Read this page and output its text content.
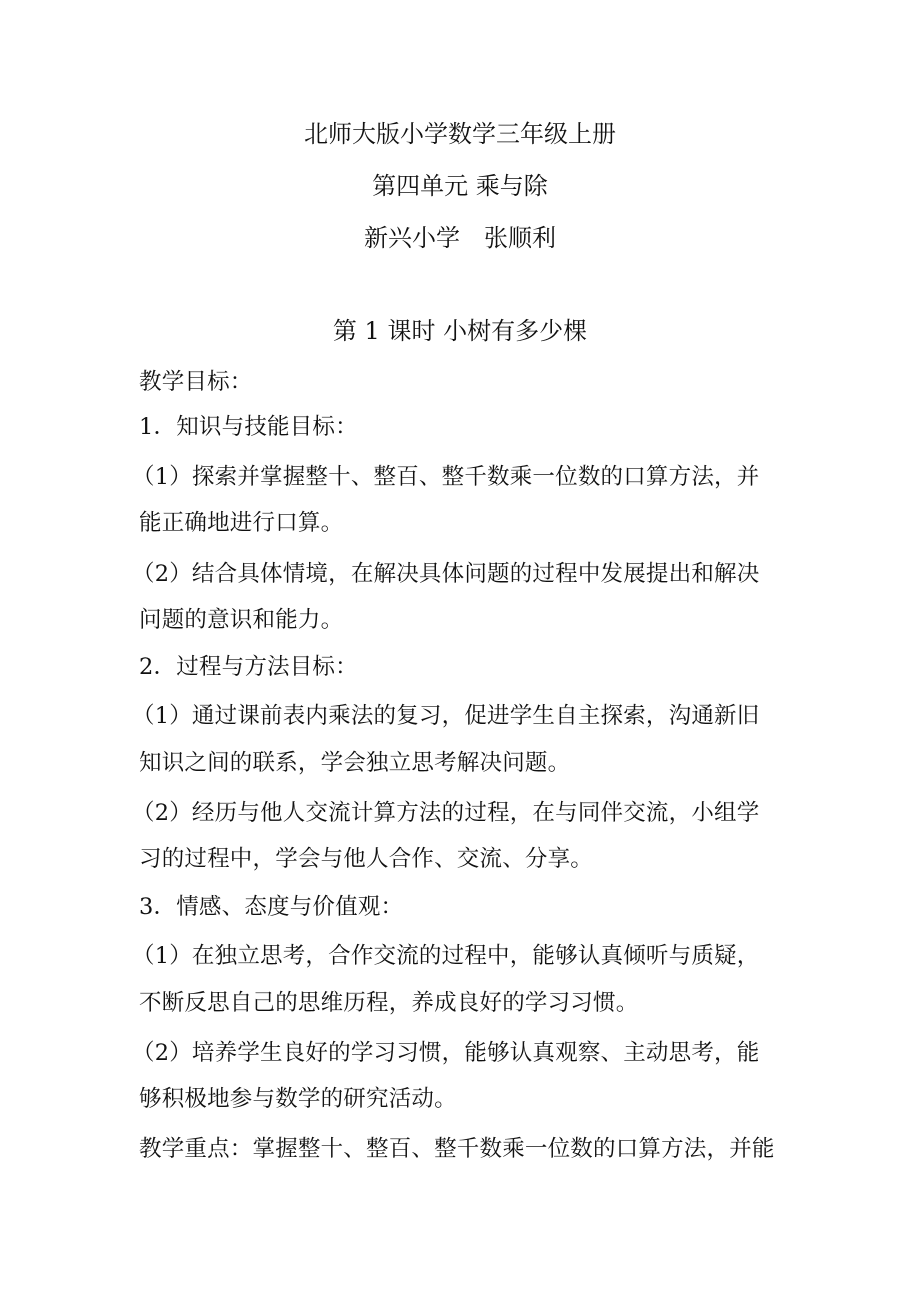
北师大版小学数学三年级上册
第四单元 乘与除
新兴小学　张顺利
第 1 课时 小树有多少棵
教学目标：
1．知识与技能目标：
（1）探索并掌握整十、整百、整千数乘一位数的口算方法，并
能正确地进行口算。
（2）结合具体情境，在解决具体问题的过程中发展提出和解决
问题的意识和能力。
2．过程与方法目标：
（1）通过课前表内乘法的复习，促进学生自主探索，沟通新旧
知识之间的联系，学会独立思考解决问题。
（2）经历与他人交流计算方法的过程，在与同伴交流，小组学
习的过程中，学会与他人合作、交流、分享。
3．情感、态度与价值观：
（1）在独立思考，合作交流的过程中，能够认真倾听与质疑，
不断反思自己的思维历程，养成良好的学习习惯。
（2）培养学生良好的学习习惯，能够认真观察、主动思考，能
够积极地参与数学的研究活动。
教学重点：掌握整十、整百、整千数乘一位数的口算方法，并能
